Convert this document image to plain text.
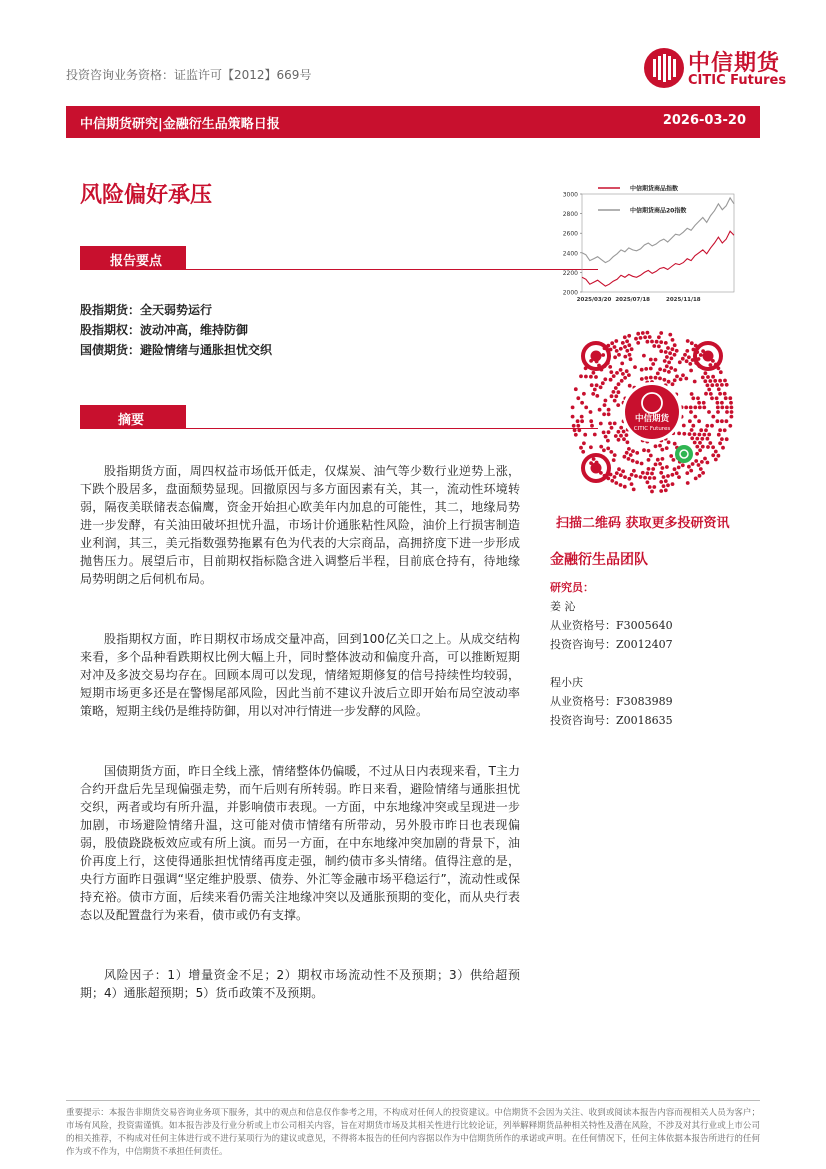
投资咨询业务资格：证监许可【2012】669号	中信期货
CITIC Futures
中信期货研究|金融衍生品策略日报	2026-03-20
风险偏好承压
报告要点
股指期货：全天弱势运行
股指期权：波动冲高，维持防御
国债期货：避险情绪与通胀担忧交织
摘要

股指期货方面，周四权益市场低开低走，仅煤炭、油气等少数行业逆势上涨，下跌个股居多，盘面颓势显现。回撤原因与多方面因素有关，其一，流动性环境转弱，隔夜美联储表态偏鹰，资金开始担心欧美年内加息的可能性，其二，地缘局势进一步发酵，有关油田破坏担忧升温，市场计价通胀粘性风险，油价上行损害制造业利润，其三，美元指数强势拖累有色为代表的大宗商品，高拥挤度下进一步形成抛售压力。展望后市，目前期权指标隐含进入调整后半程，目前底仓持有，待地缘局势明朗之后伺机布局。

股指期权方面，昨日期权市场成交量冲高，回到100亿关口之上。从成交结构来看，多个品种看跌期权比例大幅上升，同时整体波动和偏度升高，可以推断短期对冲及多波交易均存在。回顾本周可以发现，情绪短期修复的信号持续性均较弱，短期市场更多还是在警惕尾部风险，因此当前不建议升波后立即开始布局空波动率策略，短期主线仍是维持防御，用以对冲行情进一步发酵的风险。

国债期货方面，昨日全线上涨，情绪整体仍偏暖，不过从日内表现来看，T主力合约开盘后先呈现偏强走势，而午后则有所转弱。昨日来看，避险情绪与通胀担忧交织，两者或均有所升温，并影响债市表现。一方面，中东地缘冲突或呈现进一步加剧，市场避险情绪升温，这可能对债市情绪有所带动，另外股市昨日也表现偏弱，股债跷跷板效应或有所上演。而另一方面，在中东地缘冲突加剧的背景下，油价再度上行，这使得通胀担忧情绪再度走强，制约债市多头情绪。值得注意的是，央行方面昨日强调“坚定维护股票、债券、外汇等金融市场平稳运行”，流动性或保持充裕。债市方面，后续来看仍需关注地缘冲突以及通胀预期的变化，而从央行表态以及配置盘行为来看，债市或仍有支撑。

风险因子：1）增量资金不足；2）期权市场流动性不及预期；3）供给超预期；4）通胀超预期；5）货币政策不及预期。

2000
2200
2400
2600
2800
3000
2025/03/20 2025/07/18	2025/11/18
中信期货商品指数
中信期货商品20指数
中信期货
CITIC Futures
扫描二维码 获取更多投研资讯
金融衍生品团队
研究员：
姜 沁
从业资格号：F3005640
投资咨询号：Z0012407
程小庆
从业资格号：F3083989
投资咨询号：Z0018635
重要提示：本报告非期货交易咨询业务项下服务，其中的观点和信息仅作参考之用，不构成对任何人的投资建议。中信期货不会因为关注、收到或阅读本报告内容而视相关人员为客户；市场有风险，投资需谨慎。如本报告涉及行业分析或上市公司相关内容，旨在对期货市场及其相关性进行比较论证，列举解释期货品种相关特性及潜在风险，不涉及对其行业或上市公司的相关推荐，不构成对任何主体进行或不进行某项行为的建议或意见，不得将本报告的任何内容据以作为中信期货所作的承诺或声明。在任何情况下，任何主体依据本报告所进行的任何作为或不作为，中信期货不承担任何责任。
